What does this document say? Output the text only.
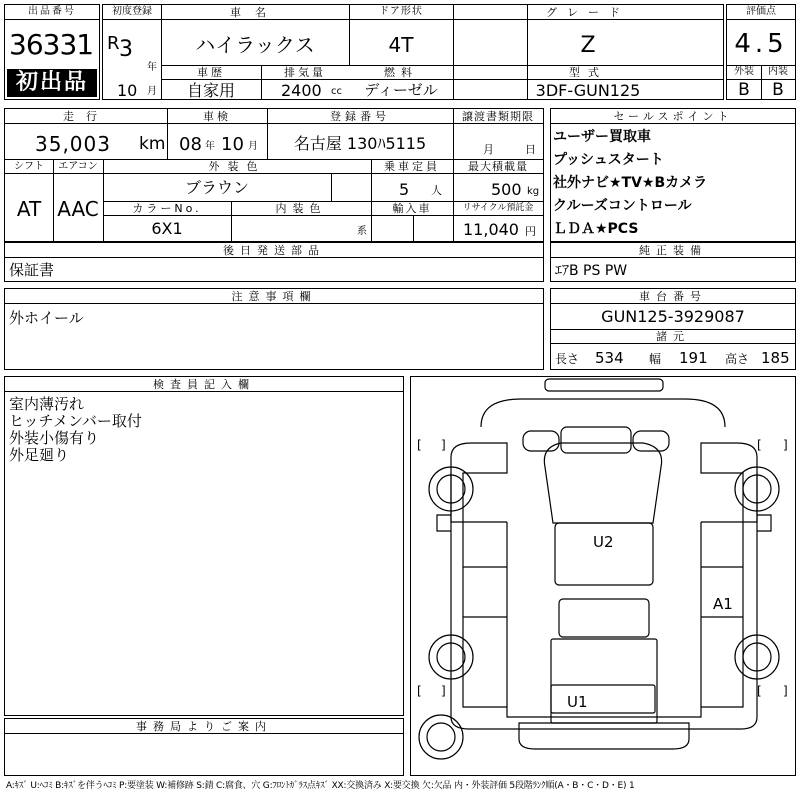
出品番号
36331
初出品
初度登録
R 3
年
10 月
車名
ハイラックス
ドア形状
4T
グレード
Z
車歴
自家用
排気量
2400 cc
燃料
ディーゼル
型式
3DF-GUN125
評価点
4.5
外装	内装
B	B
走行
35,003 km
車検
08 年 10 月
登録番号
名古屋 130ﾊ5115
譲渡書類期限
月	日
シフト
AT
エアコン
AAC
外装色
ブラウン
乗車定員
5 人
最大積載量
500 kg
カラーNo.
6X1
内装色
系
輸入車	リサイクル預託金
11,040 円
セールスポイント
ユーザー買取車
プッシュスタート
社外ナビ★TV★Bカメラ
クルーズコントロール
ＬＤＡ★PCS
後日発送部品
保証書
純正装備
ｴｱB PS PW
注意事項欄
外ホイール
車台番号
GUN125-3929087
諸元
長さ 534 幅 191 高さ 185
検査員記入欄
室内薄汚れ
ヒッチメンバー取付
外装小傷有り
外足廻り
事務局よりご案内
[ ]	[ ]
[ ]	[ ]
U2
A1
U1
A:ｷｽﾞ U:ﾍｺﾐ B:ｷｽﾞを伴うﾍｺﾐ P:要塗装 W:補修跡 S:錆 C:腐食、穴 G:ﾌﾛﾝﾄｶﾞﾗｽ点ｷｽﾞ XX:交換済み X:要交換 欠:欠品 内・外装評価 5段階ﾗﾝｸ順(A・B・C・D・E) 1
